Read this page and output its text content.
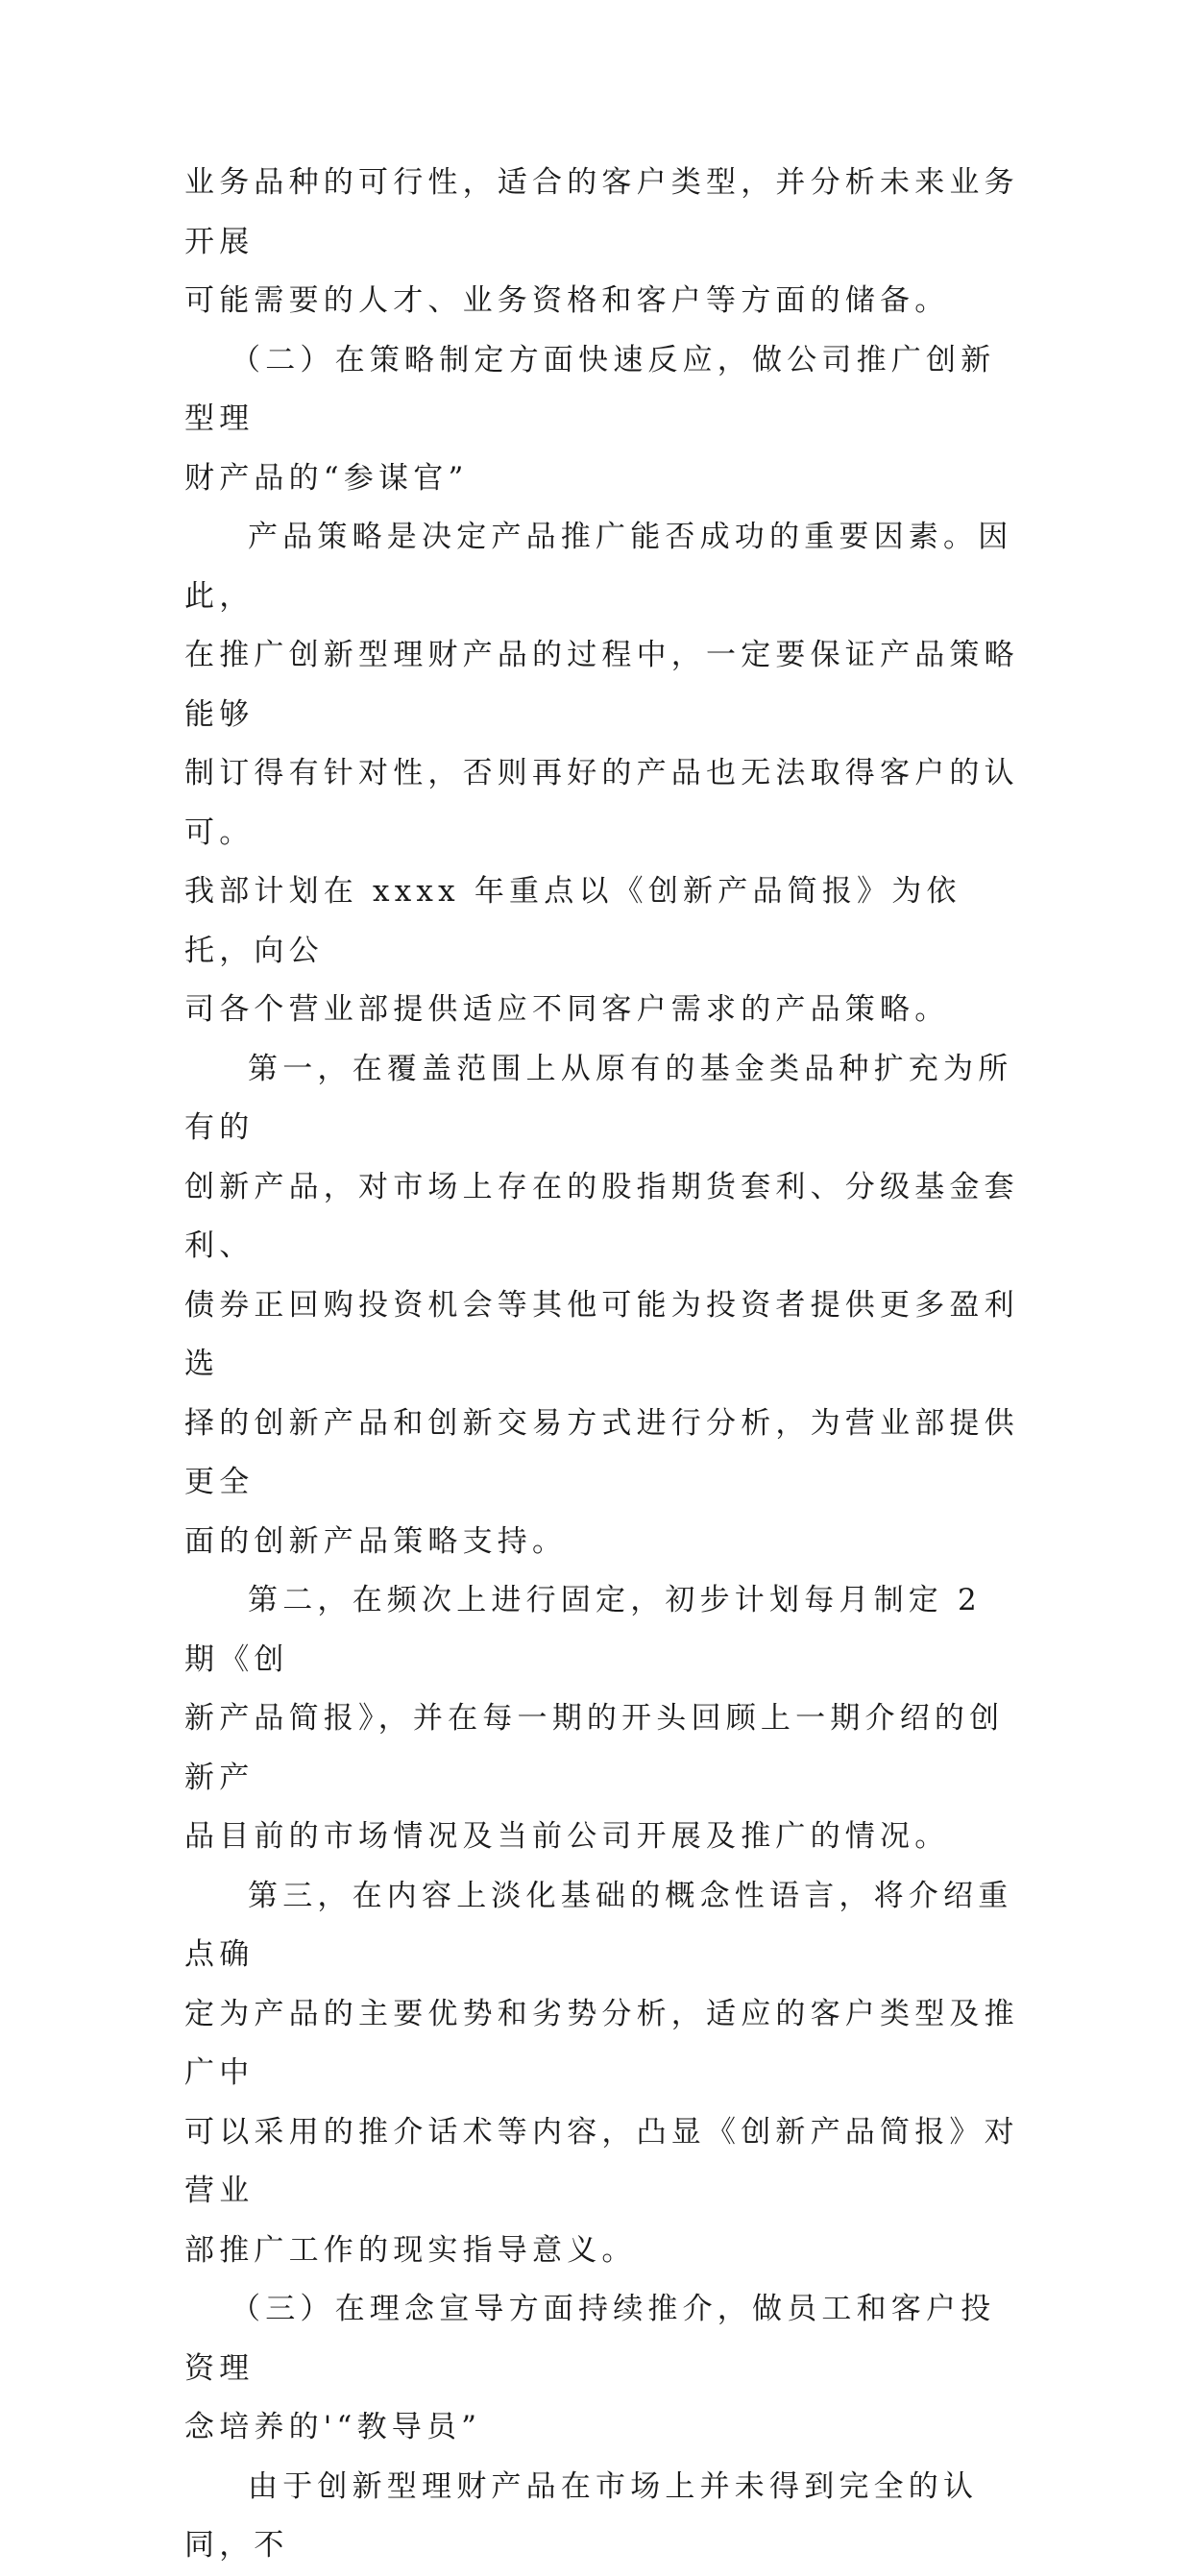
业务品种的可行性，适合的客户类型，并分析未来业务开展
可能需要的人才、业务资格和客户等方面的储备。

（二）在策略制定方面快速反应，做公司推广创新型理
财产品的“参谋官”

产品策略是决定产品推广能否成功的重要因素。因此，
在推广创新型理财产品的过程中，一定要保证产品策略能够
制订得有针对性，否则再好的产品也无法取得客户的认可。
我部计划在 xxxx 年重点以《创新产品简报》为依托，向公
司各个营业部提供适应不同客户需求的产品策略。

第一，在覆盖范围上从原有的基金类品种扩充为所有的
创新产品，对市场上存在的股指期货套利、分级基金套利、
债券正回购投资机会等其他可能为投资者提供更多盈利选
择的创新产品和创新交易方式进行分析，为营业部提供更全
面的创新产品策略支持。

第二，在频次上进行固定，初步计划每月制定 2 期《创
新产品简报》，并在每一期的开头回顾上一期介绍的创新产
品目前的市场情况及当前公司开展及推广的情况。

第三，在内容上淡化基础的概念性语言，将介绍重点确
定为产品的主要优势和劣势分析，适应的客户类型及推广中
可以采用的推介话术等内容，凸显《创新产品简报》对营业
部推广工作的现实指导意义。

（三）在理念宣导方面持续推介，做员工和客户投资理
念培养的'“教导员”

由于创新型理财产品在市场上并未得到完全的认同，不
